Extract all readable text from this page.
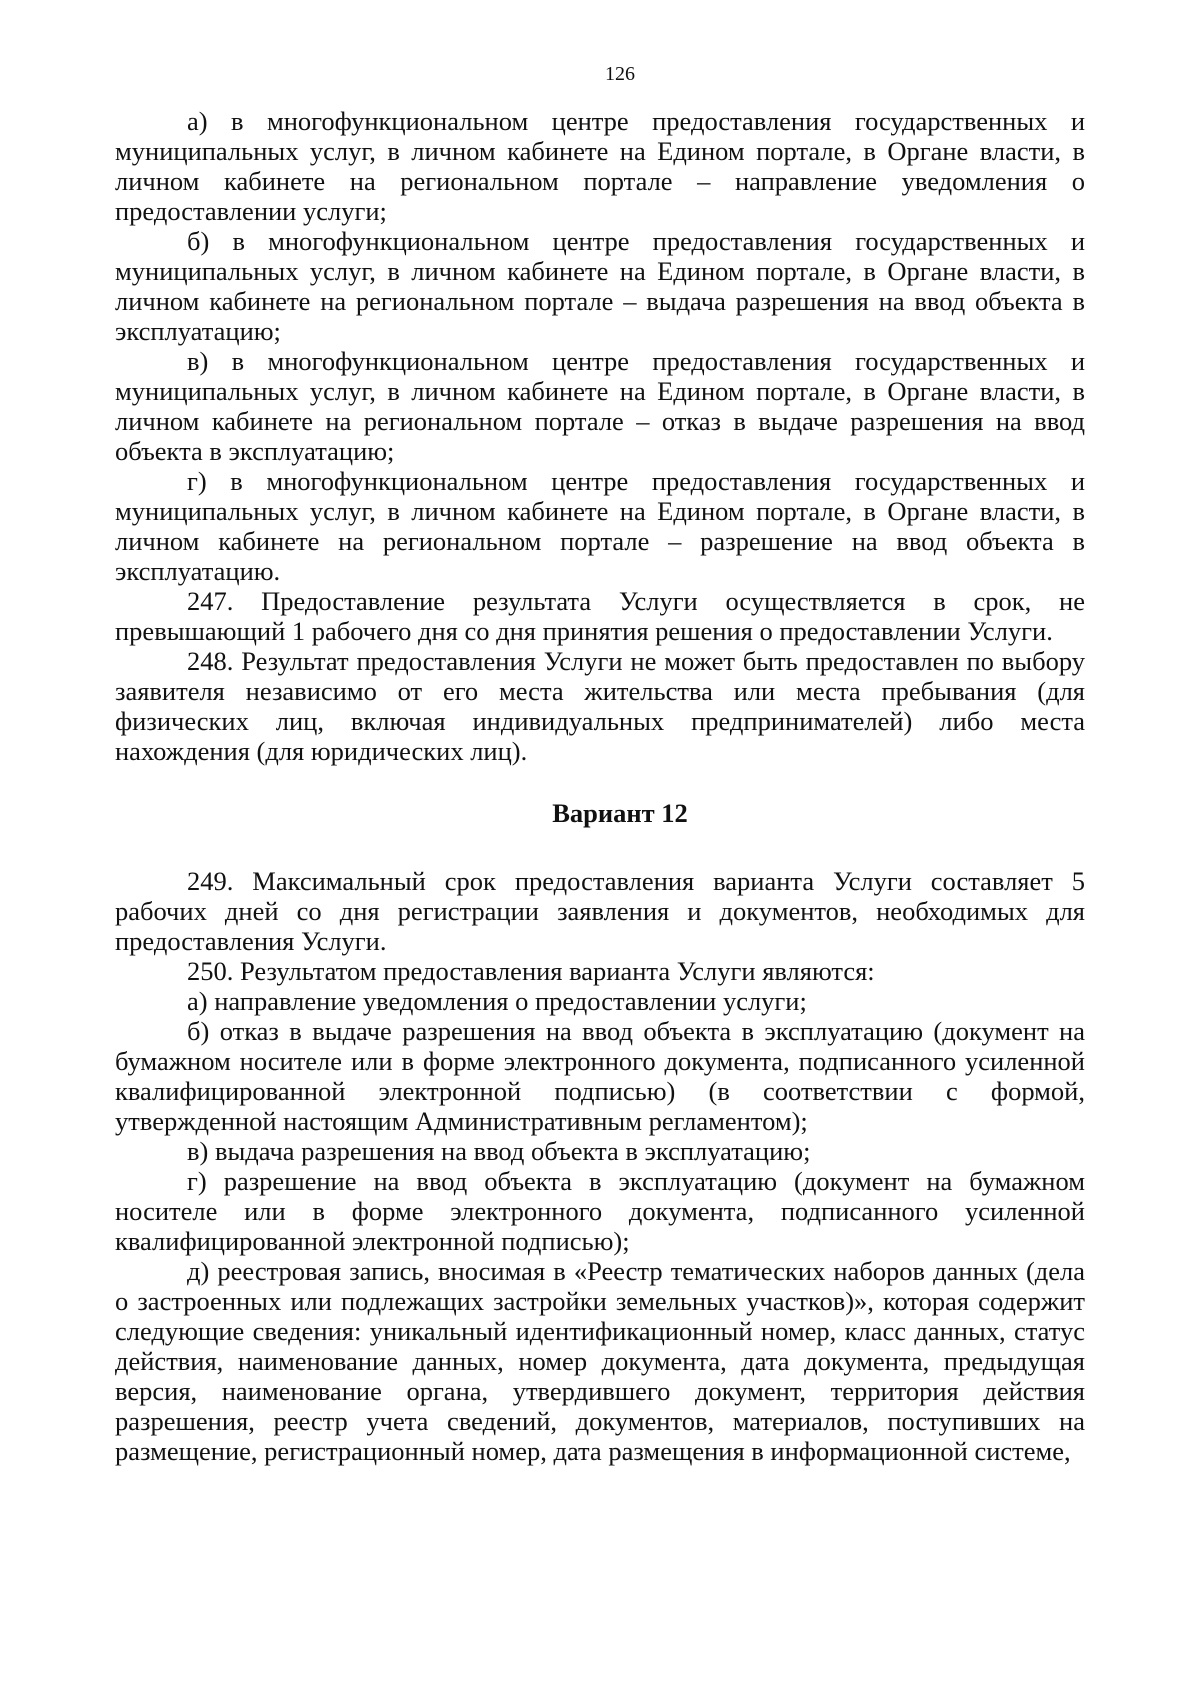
126

а) в многофункциональном центре предоставления государственных и муниципальных услуг, в личном кабинете на Едином портале, в Органе власти, в личном кабинете на региональном портале – направление уведомления о предоставлении услуги;

б) в многофункциональном центре предоставления государственных и муниципальных услуг, в личном кабинете на Едином портале, в Органе власти, в личном кабинете на региональном портале – выдача разрешения на ввод объекта в эксплуатацию;

в) в многофункциональном центре предоставления государственных и муниципальных услуг, в личном кабинете на Едином портале, в Органе власти, в личном кабинете на региональном портале – отказ в выдаче разрешения на ввод объекта в эксплуатацию;

г) в многофункциональном центре предоставления государственных и муниципальных услуг, в личном кабинете на Едином портале, в Органе власти, в личном кабинете на региональном портале – разрешение на ввод объекта в эксплуатацию.

247. Предоставление результата Услуги осуществляется в срок, не превышающий 1 рабочего дня со дня принятия решения о предоставлении Услуги.

248. Результат предоставления Услуги не может быть предоставлен по выбору заявителя независимо от его места жительства или места пребывания (для физических лиц, включая индивидуальных предпринимателей) либо места нахождения (для юридических лиц).

Вариант 12

249. Максимальный срок предоставления варианта Услуги составляет 5 рабочих дней со дня регистрации заявления и документов, необходимых для предоставления Услуги.

250. Результатом предоставления варианта Услуги являются:

а) направление уведомления о предоставлении услуги;

б) отказ в выдаче разрешения на ввод объекта в эксплуатацию (документ на бумажном носителе или в форме электронного документа, подписанного усиленной квалифицированной электронной подписью) (в соответствии с формой, утвержденной настоящим Административным регламентом);

в) выдача разрешения на ввод объекта в эксплуатацию;

г) разрешение на ввод объекта в эксплуатацию (документ на бумажном носителе или в форме электронного документа, подписанного усиленной квалифицированной электронной подписью);

д) реестровая запись, вносимая в «Реестр тематических наборов данных (дела о застроенных или подлежащих застройки земельных участков)», которая содержит следующие сведения: уникальный идентификационный номер, класс данных, статус действия, наименование данных, номер документа, дата документа, предыдущая версия, наименование органа, утвердившего документ, территория действия разрешения, реестр учета сведений, документов, материалов, поступивших на размещение, регистрационный номер, дата размещения в информационной системе,
